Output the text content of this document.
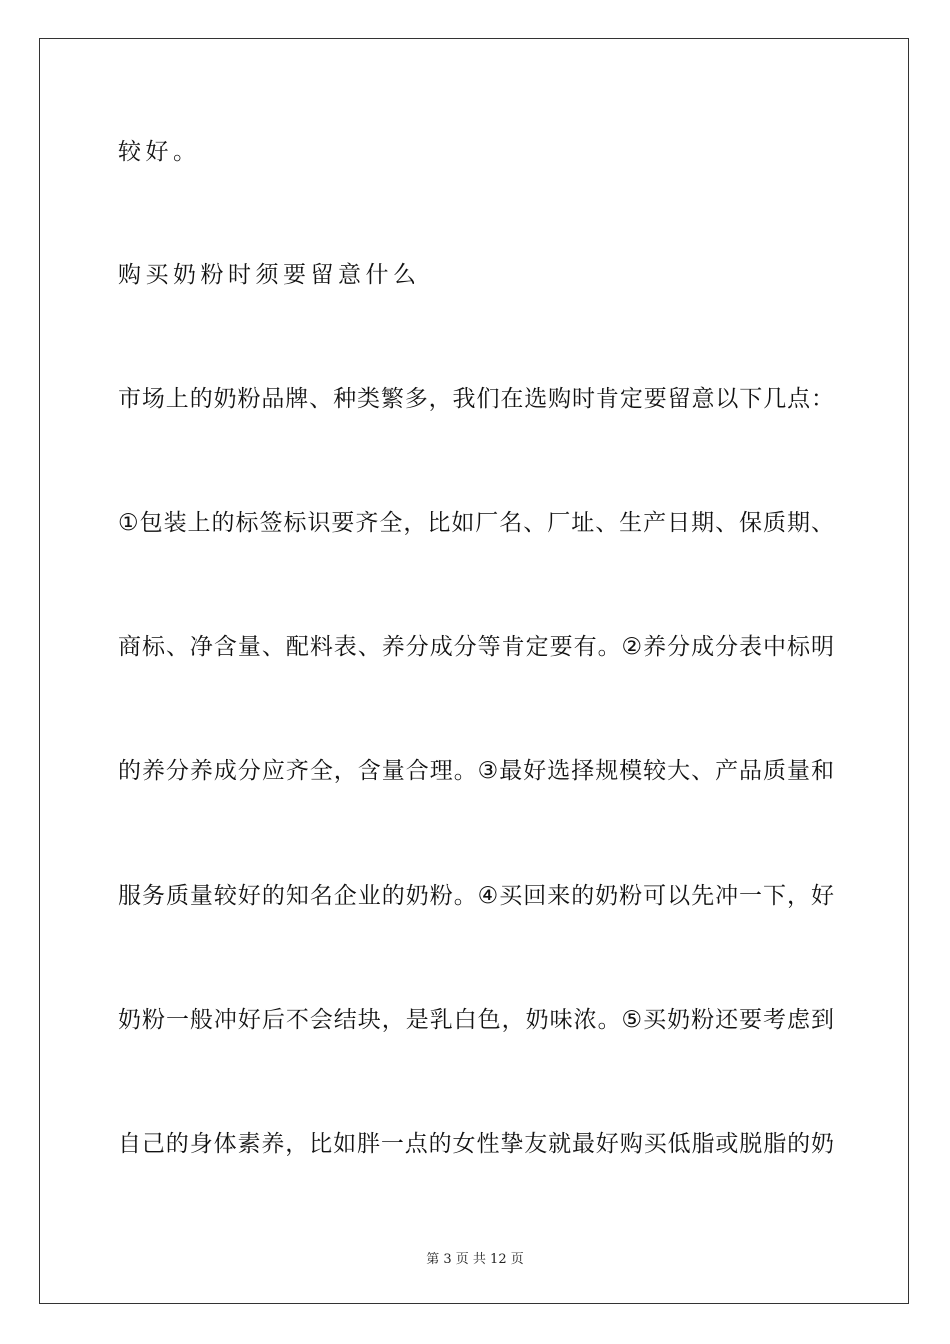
较好。
购买奶粉时须要留意什么
市场上的奶粉品牌、种类繁多，我们在选购时肯定要留意以下几点：
①包装上的标签标识要齐全，比如厂名、厂址、生产日期、保质期、
商标、净含量、配料表、养分成分等肯定要有。②养分成分表中标明
的养分养成分应齐全，含量合理。③最好选择规模较大、产品质量和
服务质量较好的知名企业的奶粉。④买回来的奶粉可以先冲一下，好
奶粉一般冲好后不会结块，是乳白色，奶味浓。⑤买奶粉还要考虑到
自己的身体素养，比如胖一点的女性挚友就最好购买低脂或脱脂的奶
第 3 页 共 12 页
